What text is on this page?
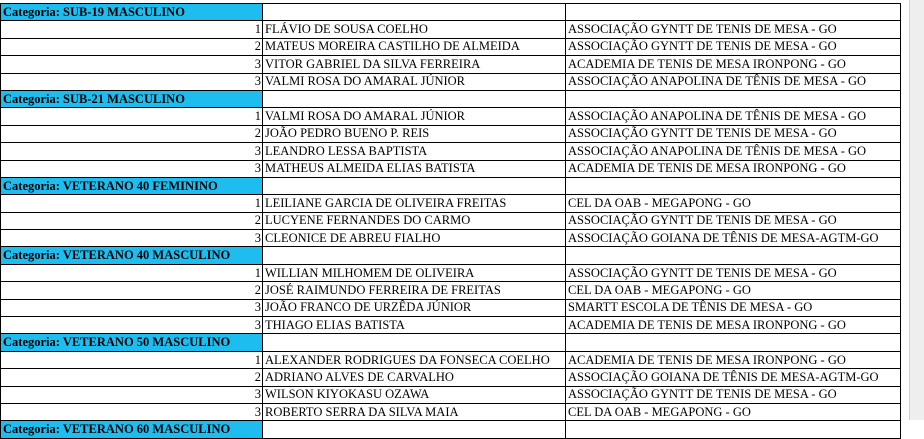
Categoria: SUB-19 MASCULINO		
1	FLÁVIO DE SOUSA COELHO	ASSOCIAÇÃO GYNTT DE TENIS DE MESA - GO
2	MATEUS MOREIRA CASTILHO DE ALMEIDA	ASSOCIAÇÃO GYNTT DE TENIS DE MESA - GO
3	VITOR GABRIEL DA SILVA FERREIRA	ACADEMIA DE TENIS DE MESA IRONPONG - GO
3	VALMI ROSA DO AMARAL JÚNIOR	ASSOCIAÇÃO ANAPOLINA DE TÊNIS DE MESA - GO
Categoria: SUB-21 MASCULINO		
1	VALMI ROSA DO AMARAL JÚNIOR	ASSOCIAÇÃO ANAPOLINA DE TÊNIS DE MESA - GO
2	JOÃO PEDRO BUENO P. REIS	ASSOCIAÇÃO GYNTT DE TENIS DE MESA - GO
3	LEANDRO LESSA BAPTISTA	ASSOCIAÇÃO ANAPOLINA DE TÊNIS DE MESA - GO
3	MATHEUS ALMEIDA ELIAS BATISTA	ACADEMIA DE TENIS DE MESA IRONPONG - GO
Categoria: VETERANO 40 FEMININO		
1	LEILIANE GARCIA DE OLIVEIRA FREITAS	CEL DA OAB - MEGAPONG - GO
2	LUCYENE FERNANDES DO CARMO	ASSOCIAÇÃO GYNTT DE TENIS DE MESA - GO
3	CLEONICE DE ABREU FIALHO	ASSOCIAÇÃO GOIANA DE TÊNIS DE MESA-AGTM-GO
Categoria: VETERANO 40 MASCULINO		
1	WILLIAN MILHOMEM DE OLIVEIRA	ASSOCIAÇÃO GYNTT DE TENIS DE MESA - GO
2	JOSÉ RAIMUNDO FERREIRA DE FREITAS	CEL DA OAB - MEGAPONG - GO
3	JOÃO FRANCO DE URZÊDA JÚNIOR	SMARTT ESCOLA DE TÊNIS DE MESA - GO
3	THIAGO ELIAS BATISTA	ACADEMIA DE TENIS DE MESA IRONPONG - GO
Categoria: VETERANO 50 MASCULINO		
1	ALEXANDER RODRIGUES DA FONSECA COELHO	ACADEMIA DE TENIS DE MESA IRONPONG - GO
2	ADRIANO ALVES DE CARVALHO	ASSOCIAÇÃO GOIANA DE TÊNIS DE MESA-AGTM-GO
3	WILSON KIYOKASU OZAWA	ASSOCIAÇÃO GYNTT DE TENIS DE MESA - GO
3	ROBERTO SERRA DA SILVA MAIA	CEL DA OAB - MEGAPONG - GO
Categoria: VETERANO 60 MASCULINO		
